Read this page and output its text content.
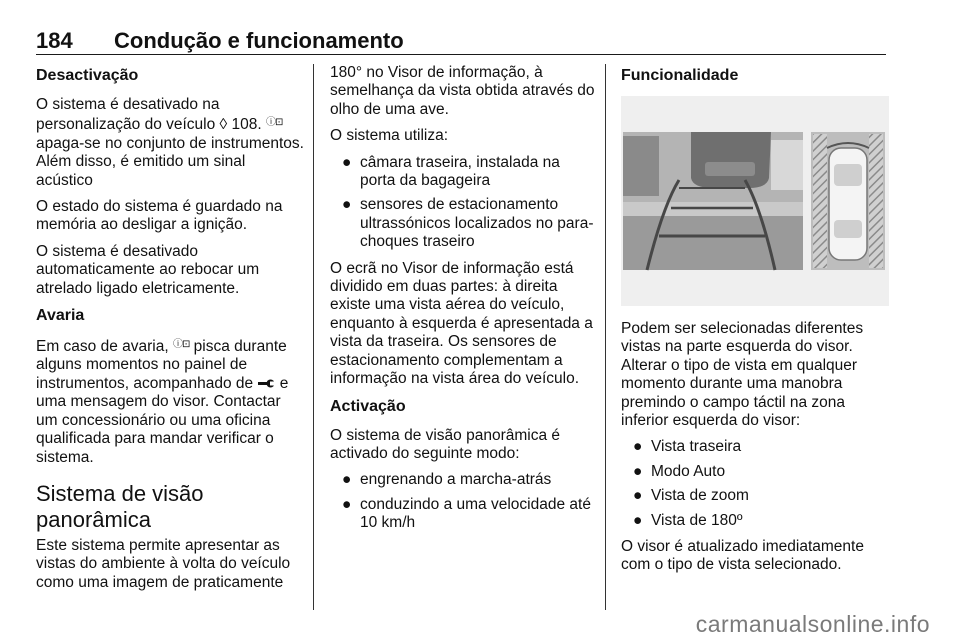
184 Condução e funcionamento
Desactivação

O sistema é desativado na personalização do veículo ◊ 108. ⓘ⊡ apaga-se no conjunto de instrumentos. Além disso, é emitido um sinal acústico

O estado do sistema é guardado na memória ao desligar a ignição.

O sistema é desativado automaticamente ao rebocar um atrelado ligado eletricamente.

Avaria

Em caso de avaria, ⓘ⊡ pisca durante alguns momentos no painel de instrumentos, acompanhado de  e uma mensagem do visor. Contactar um concessionário ou uma oficina qualificada para mandar verificar o sistema.

Sistema de visão panorâmica

Este sistema permite apresentar as vistas do ambiente à volta do veículo como uma imagem de praticamente

180° no Visor de informação, à semelhança da vista obtida através do olho de uma ave.

O sistema utiliza:

● câmara traseira, instalada na porta da bagageira
● sensores de estacionamento ultrassónicos localizados no para-choques traseiro

O ecrã no Visor de informação está dividido em duas partes: à direita existe uma vista aérea do veículo, enquanto à esquerda é apresentada a vista da traseira. Os sensores de estacionamento complementam a informação na vista área do veículo.

Activação

O sistema de visão panorâmica é activado do seguinte modo:

● engrenando a marcha-atrás
● conduzindo a uma velocidade até 10 km/h
Funcionalidade

Podem ser selecionadas diferentes vistas na parte esquerda do visor. Alterar o tipo de vista em qualquer momento durante uma manobra premindo o campo táctil na zona inferior esquerda do visor:

● Vista traseira
● Modo Auto
● Vista de zoom
● Vista de 180º

O visor é atualizado imediatamente com o tipo de vista selecionado.

carmanualsonline.info
